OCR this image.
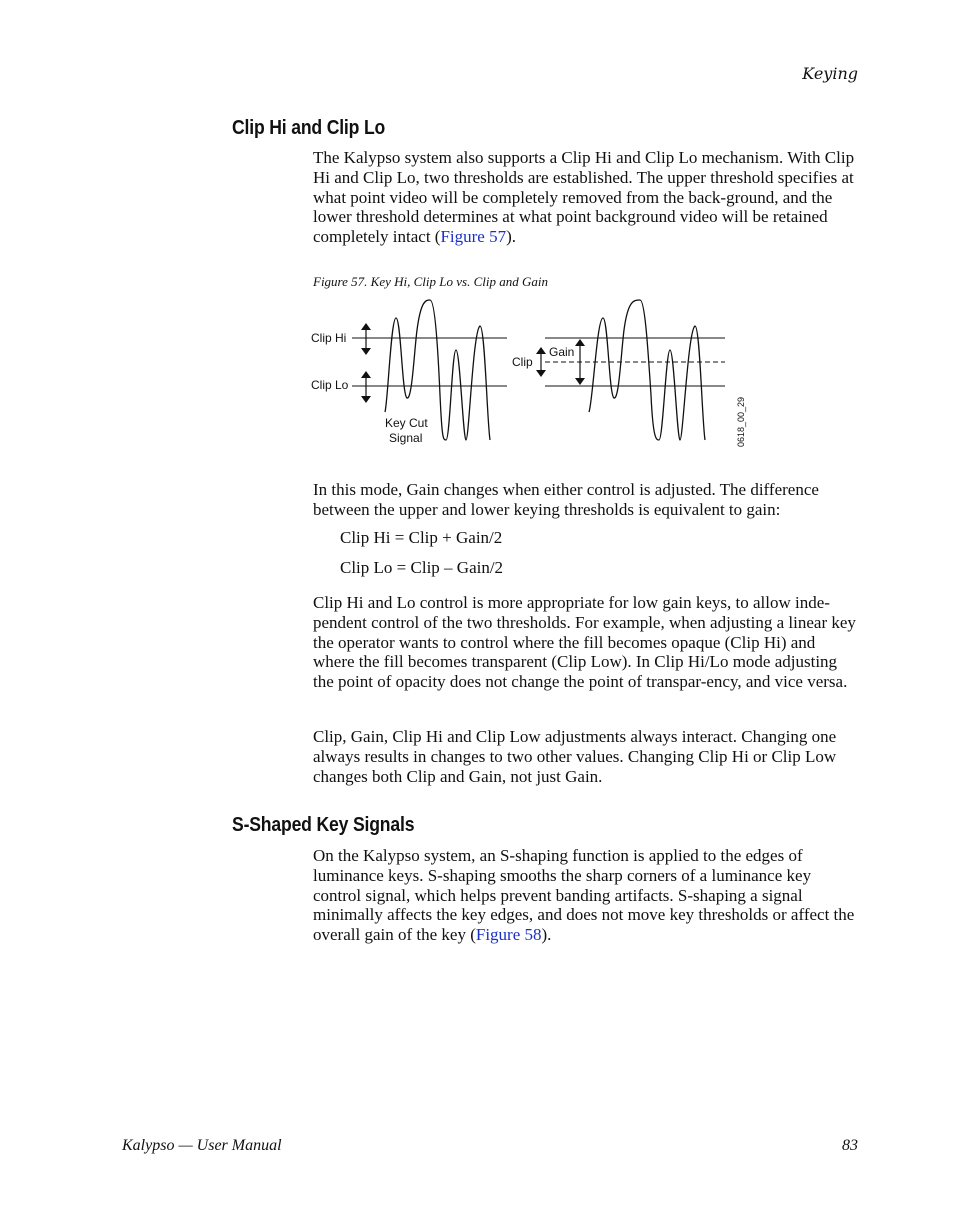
Keying
Clip Hi and Clip Lo

The Kalypso system also supports a Clip Hi and Clip Lo mechanism. With Clip Hi and Clip Lo, two thresholds are established. The upper threshold specifies at what point video will be completely removed from the back-ground, and the lower threshold determines at what point background video will be retained completely intact (Figure 57).

Figure 57. Key Hi, Clip Lo vs. Clip and Gain

Clip Hi
Clip Lo
Key Cut
Signal
Clip
Gain
0618_00_29

In this mode, Gain changes when either control is adjusted. The difference between the upper and lower keying thresholds is equivalent to gain:

Clip Hi = Clip + Gain/2

Clip Lo = Clip – Gain/2

Clip Hi and Lo control is more appropriate for low gain keys, to allow inde-pendent control of the two thresholds. For example, when adjusting a linear key the operator wants to control where the fill becomes opaque (Clip Hi) and where the fill becomes transparent (Clip Low). In Clip Hi/Lo mode adjusting the point of opacity does not change the point of transpar-ency, and vice versa.

Clip, Gain, Clip Hi and Clip Low adjustments always interact. Changing one always results in changes to two other values. Changing Clip Hi or Clip Low changes both Clip and Gain, not just Gain.

S-Shaped Key Signals

On the Kalypso system, an S-shaping function is applied to the edges of luminance keys. S-shaping smooths the sharp corners of a luminance key control signal, which helps prevent banding artifacts. S-shaping a signal minimally affects the key edges, and does not move key thresholds or affect the overall gain of the key (Figure 58).

Kalypso — User Manual	83
